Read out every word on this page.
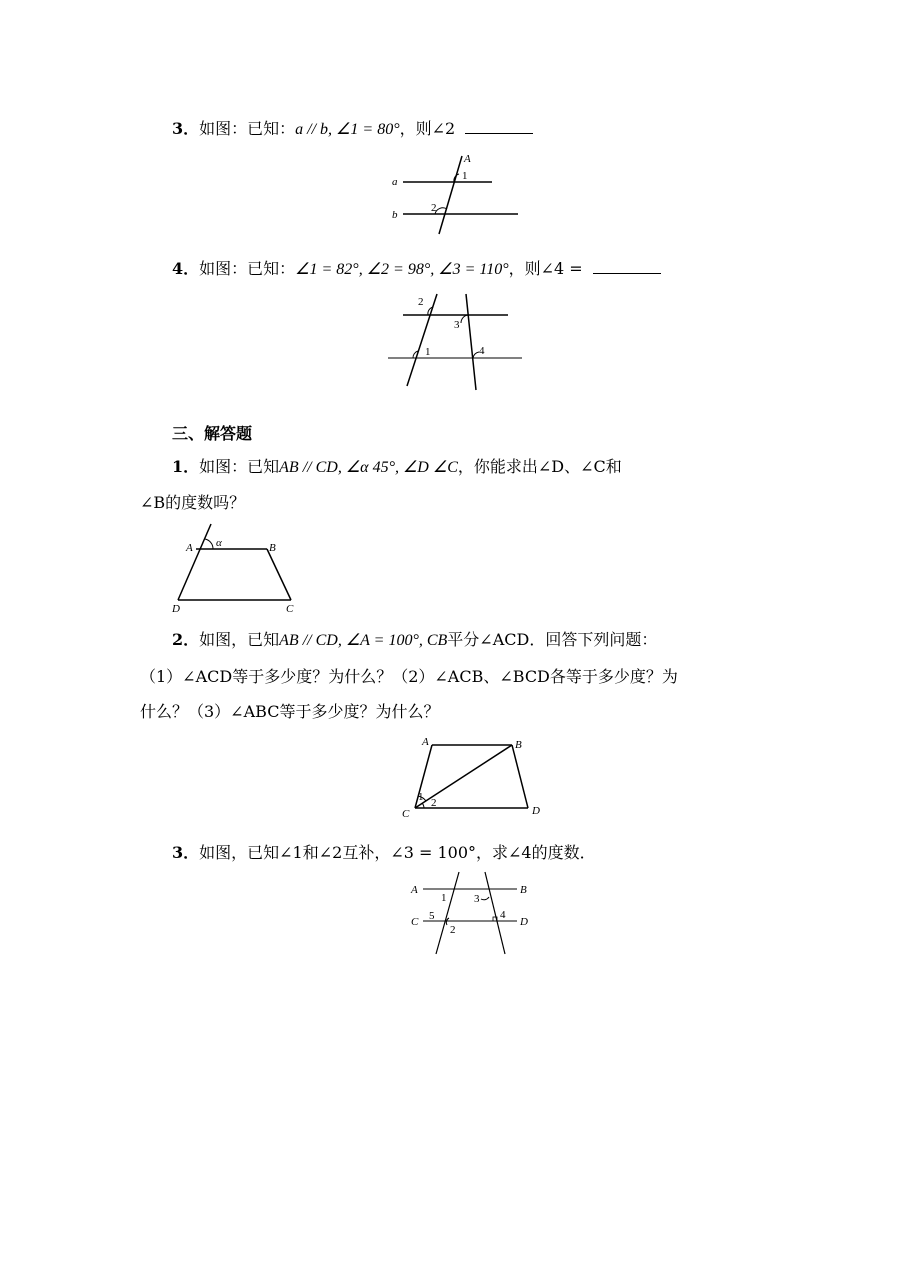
3．如图：已知：a // b, ∠1 = 80°，则∠2
a
b
A
1
2
4．如图：已知：∠1 = 82°, ∠2 = 98°, ∠3 = 110°，则∠4 =
2
3
1	4
三、解答题
1．如图：已知AB // CD, ∠α 45°, ∠D ∠C，你能求出∠D、∠C和
∠B的度数吗？
A	B
D	C
α
2．如图，已知AB // CD, ∠A = 100°, CB平分∠ACD．回答下列问题：
（1）∠ACD等于多少度？为什么？（2）∠ACB、∠BCD各等于多少度？为
什么？（3）∠ABC等于多少度？为什么？
A	B
C	D
1 2
3．如图，已知∠1和∠2互补，∠3 = 100°，求∠4的度数．
A	B
C	D
1
2
3
4
5
